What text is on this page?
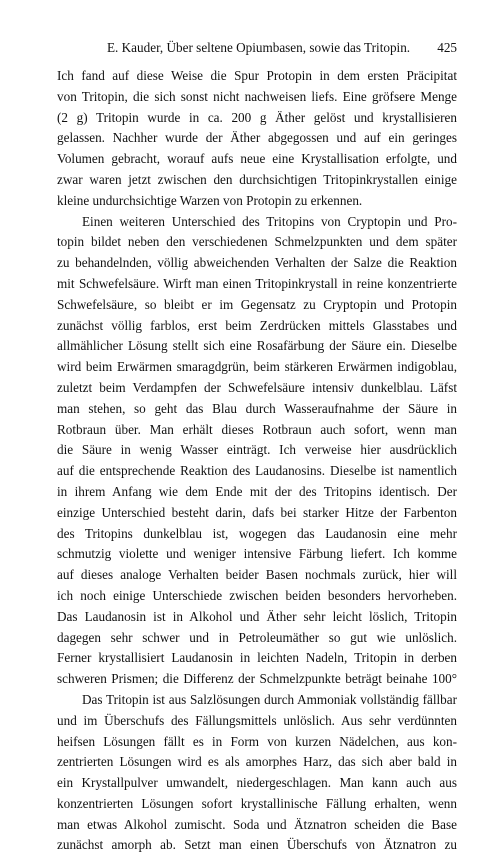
E. Kauder, Über seltene Opiumbasen, sowie das Tritopin. 425

Ich fand auf diese Weise die Spur Protopin in dem ersten Präcipitat
von Tritopin, die sich sonst nicht nachweisen liefs. Eine gröfsere Menge
(2 g) Tritopin wurde in ca. 200 g Äther gelöst und krystallisieren
gelassen. Nachher wurde der Äther abgegossen und auf ein geringes
Volumen gebracht, worauf aufs neue eine Krystallisation erfolgte, und
zwar waren jetzt zwischen den durchsichtigen Tritopinkrystallen einige
kleine undurchsichtige Warzen von Protopin zu erkennen.

Einen weiteren Unterschied des Tritopins von Cryptopin und Pro-
topin bildet neben den verschiedenen Schmelzpunkten und dem später
zu behandelnden, völlig abweichenden Verhalten der Salze die Reaktion
mit Schwefelsäure. Wirft man einen Tritopinkrystall in reine konzentrierte
Schwefelsäure, so bleibt er im Gegensatz zu Cryptopin und Protopin
zunächst völlig farblos, erst beim Zerdrücken mittels Glasstabes und
allmählicher Lösung stellt sich eine Rosafärbung der Säure ein. Dieselbe
wird beim Erwärmen smaragdgrün, beim stärkeren Erwärmen indigoblau,
zuletzt beim Verdampfen der Schwefelsäure intensiv dunkelblau. Läfst
man stehen, so geht das Blau durch Wasseraufnahme der Säure in
Rotbraun über. Man erhält dieses Rotbraun auch sofort, wenn man
die Säure in wenig Wasser einträgt. Ich verweise hier ausdrücklich
auf die entsprechende Reaktion des Laudanosins. Dieselbe ist namentlich
in ihrem Anfang wie dem Ende mit der des Tritopins identisch. Der
einzige Unterschied besteht darin, dafs bei starker Hitze der Farbenton
des Tritopins dunkelblau ist, wogegen das Laudanosin eine mehr
schmutzig violette und weniger intensive Färbung liefert. Ich komme
auf dieses analoge Verhalten beider Basen nochmals zurück, hier will
ich noch einige Unterschiede zwischen beiden besonders hervorheben.
Das Laudanosin ist in Alkohol und Äther sehr leicht löslich, Tritopin
dagegen sehr schwer und in Petroleumäther so gut wie unlöslich.
Ferner krystallisiert Laudanosin in leichten Nadeln, Tritopin in derben
schweren Prismen; die Differenz der Schmelzpunkte beträgt beinahe 100°

Das Tritopin ist aus Salzlösungen durch Ammoniak vollständig fällbar
und im Überschufs des Fällungsmittels unlöslich. Aus sehr verdünnten
heifsen Lösungen fällt es in Form von kurzen Nädelchen, aus kon-
zentrierten Lösungen wird es als amorphes Harz, das sich aber bald in
ein Krystallpulver umwandelt, niedergeschlagen. Man kann auch aus
konzentrierten Lösungen sofort krystallinische Fällung erhalten, wenn
man etwas Alkohol zumischt. Soda und Ätznatron scheiden die Base
zunächst amorph ab. Setzt man einen Überschufs von Ätznatron zu
